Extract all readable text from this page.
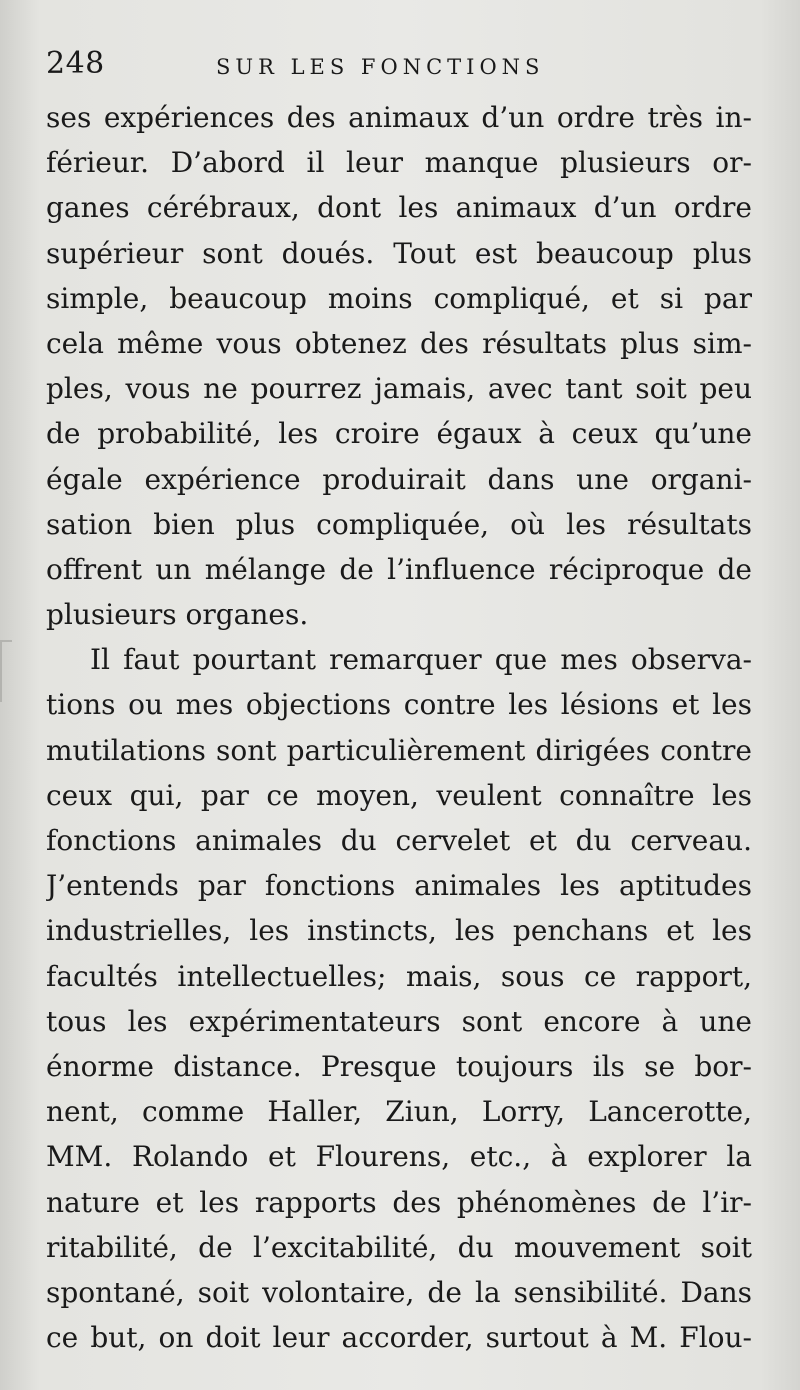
248	SUR LES FONCTIONS
ses expériences des animaux d’un ordre très in-
férieur. D’abord il leur manque plusieurs or-
ganes cérébraux, dont les animaux d’un ordre
supérieur sont doués. Tout est beaucoup plus
simple, beaucoup moins compliqué, et si par
cela même vous obtenez des résultats plus sim-
ples, vous ne pourrez jamais, avec tant soit peu
de probabilité, les croire égaux à ceux qu’une
égale expérience produirait dans une organi-
sation bien plus compliquée, où les résultats
offrent un mélange de l’influence réciproque de
plusieurs organes.
Il faut pourtant remarquer que mes observa-
tions ou mes objections contre les lésions et les
mutilations sont particulièrement dirigées contre
ceux qui, par ce moyen, veulent connaître les
fonctions animales du cervelet et du cerveau.
J’entends par fonctions animales les aptitudes
industrielles, les instincts, les penchans et les
facultés intellectuelles; mais, sous ce rapport,
tous les expérimentateurs sont encore à une
énorme distance. Presque toujours ils se bor-
nent, comme Haller, Ziun, Lorry, Lancerotte,
MM. Rolando et Flourens, etc., à explorer la
nature et les rapports des phénomènes de l’ir-
ritabilité, de l’excitabilité, du mouvement soit
spontané, soit volontaire, de la sensibilité. Dans
ce but, on doit leur accorder, surtout à M. Flou-
